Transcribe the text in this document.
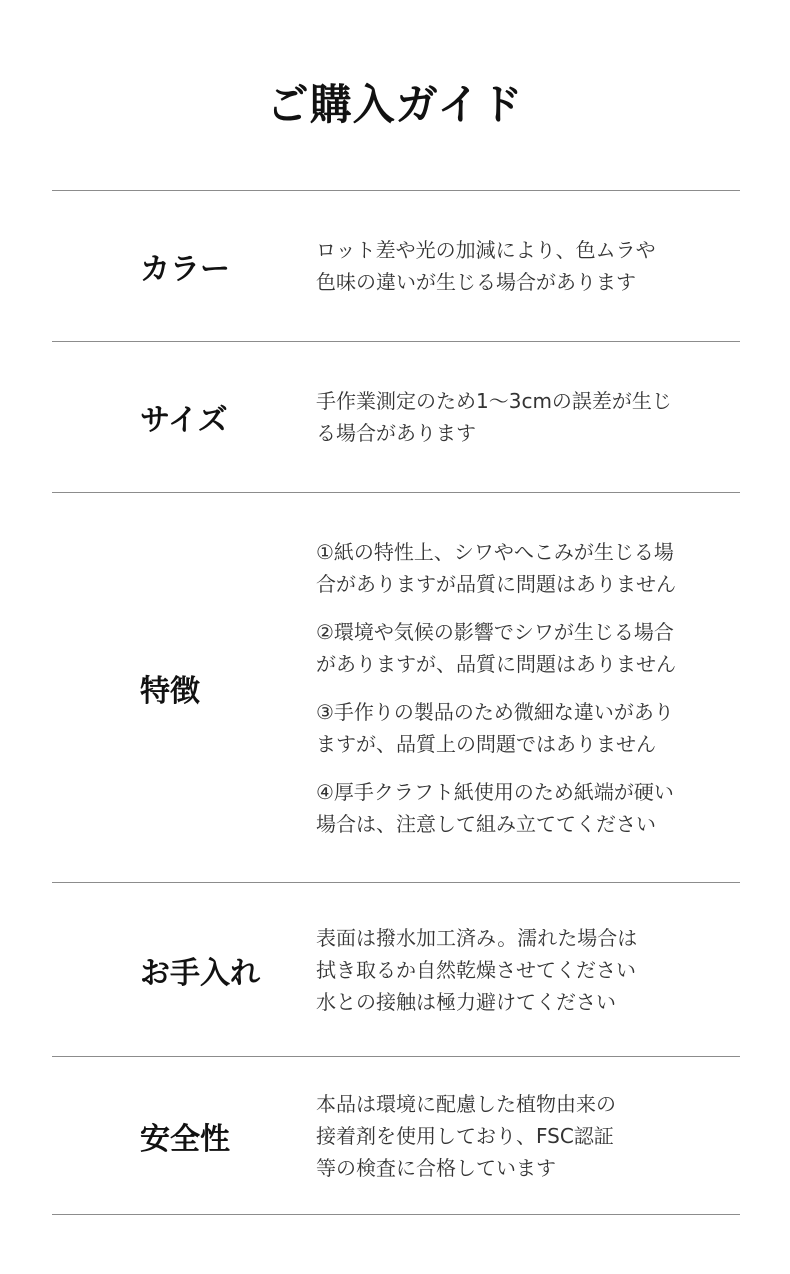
ご購入ガイド
カラー

ロット差や光の加減により、色ムラや

色味の違いが生じる場合があります

サイズ

手作業測定のため1～3cmの誤差が生じ

る場合があります

特徴

①紙の特性上、シワやへこみが生じる場

合がありますが品質に問題はありません

②環境や気候の影響でシワが生じる場合

がありますが、品質に問題はありません

③手作りの製品のため微細な違いがあり

ますが、品質上の問題ではありません

④厚手クラフト紙使用のため紙端が硬い

場合は、注意して組み立ててください

お手入れ

表面は撥水加工済み。濡れた場合は

拭き取るか自然乾燥させてください

水との接触は極力避けてください

安全性

本品は環境に配慮した植物由来の

接着剤を使用しており、FSC認証

等の検査に合格しています
